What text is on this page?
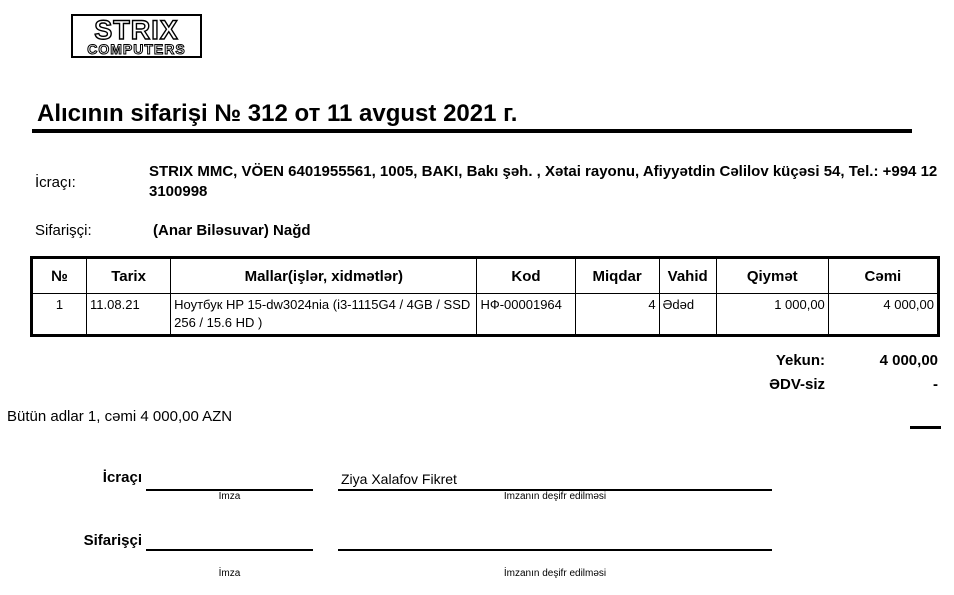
STRIX
COMPUTERS
Alıcının sifarişi № 312 от 11 avgust 2021 г.
İcraçı:
STRIX MMC, VÖEN 6401955561, 1005, BAKI, Bakı şəh. , Xətai rayonu, Afiyyətdin Cəlilov küçəsi 54, Tel.: +994 12 3100998
Sifarişçi:	(Anar Biləsuvar) Nağd
№	Tarix	Mallar(işlər, xidmətlər)	Kod	Miqdar	Vahid	Qiymət	Cəmi
1	11.08.21	Ноутбук HP 15-dw3024nia (i3-1115G4 / 4GB / SSD 256 / 15.6 HD )	НФ-00001964	4	Ədəd	1 000,00	4 000,00
Yekun:	4 000,00
ƏDV-siz	-
Bütün adlar 1, cəmi 4 000,00 AZN
İcraçı
İmza
Ziya Xalafov Fikret
İmzanın deşifr edilməsi
Sifarişçi
İmza	İmzanın deşifr edilməsi
